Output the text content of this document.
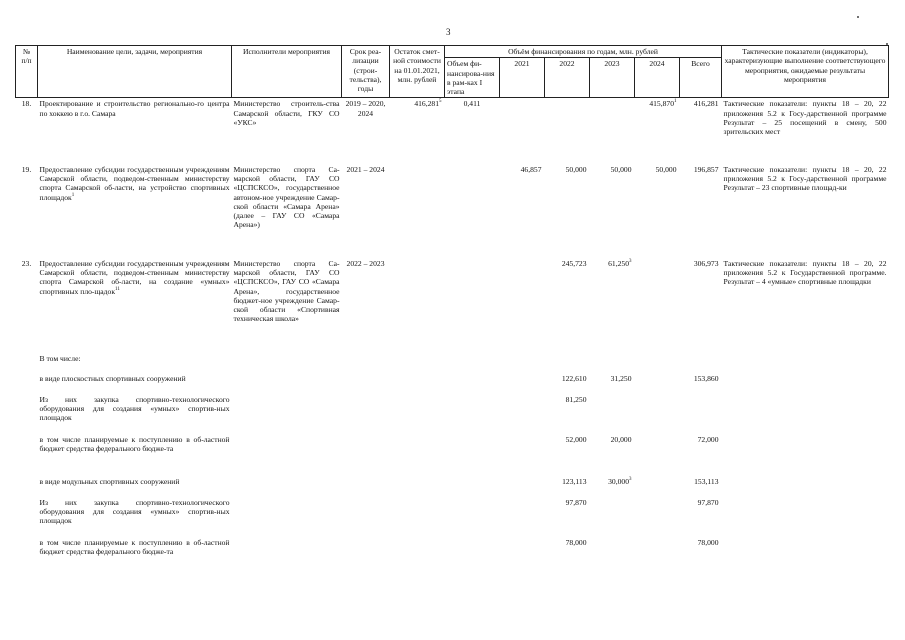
3
№
п/п	Наименование цели, задачи, мероприятия	Исполнители мероприятия	Срок реа-лизации (строи-тельства), годы	Остаток смет-ной стоимости на 01.01.2021, млн. рублей	Объём финансирования по годам, млн. рублей						Тактические показатели (индикаторы), характеризующие выполнение соответствующего мероприятия, ожидаемые результаты мероприятия
					Объем фи-нансирова-ния в рам-ках I этапа	2021	2022	2023	2024	Всего	
18.	Проектирование и строительство регионально-го центра по хоккею в г.о. Самара	Министерство строитель-ства Самарской области, ГКУ СО «УКС»	2019 – 2020, 2024	416,281$^5$	0,411				415,870$^1$	416,281	Тактические показатели: пункты 18 – 20, 22 приложения 5.2 к Госу-дарственной программе Результат – 25 посещений в смену, 500 зрительских мест
19.	Предоставление субсидии государственным учреждениям Самарской области, подведом-ственным министерству спорта Самарской об-ласти, на устройство спортивных площадок$^1$	Министерство спорта Са-марской области, ГАУ СО «ЦСПСКСО», государственное автоном-ное учреждение Самар-ской области «Самара Арена» (далее – ГАУ СО «Самара Арена»)	2021 – 2024			46,857	50,000	50,000	50,000	196,857	Тактические показатели: пункты 18 – 20, 22 приложения 5.2 к Госу-дарственной программе Результат – 23 спортивные площад-ки
23.	Предоставление субсидии государственным учреждениям Самарской области, подведом-ственным министерству спорта Самарской об-ласти, на создание «умных» спортивных пло-щадок$^{11}$	Министерство спорта Са-марской области, ГАУ СО «ЦСПСКСО», ГАУ СО «Самара Арена», государственное бюджет-ное учреждение Самар-ской области «Спортивная техническая школа»	2022 – 2023				245,723	61,250$^3$		306,973	Тактические показатели: пункты 18 – 20, 22 приложения 5.2 к Государственной программе. Результат – 4 «умные» спортивные площадки
	В том числе:										
	в виде плоскостных спортивных сооружений						122,610	31,250		153,860	
	Из них закупка спортивно-технологического оборудования для создания «умных» спортив-ных площадок						81,250				
	в том числе планируемые к поступлению в об-ластной бюджет средства федерального бюдже-та						52,000	20,000		72,000	
	в виде модульных спортивных сооружений						123,113	30,000$^3$		153,113	
	Из них закупка спортивно-технологического оборудования для создания «умных» спортив-ных площадок						97,870			97,870	
	в том числе планируемые к поступлению в об-ластной бюджет средства федерального бюдже-та						78,000			78,000	
